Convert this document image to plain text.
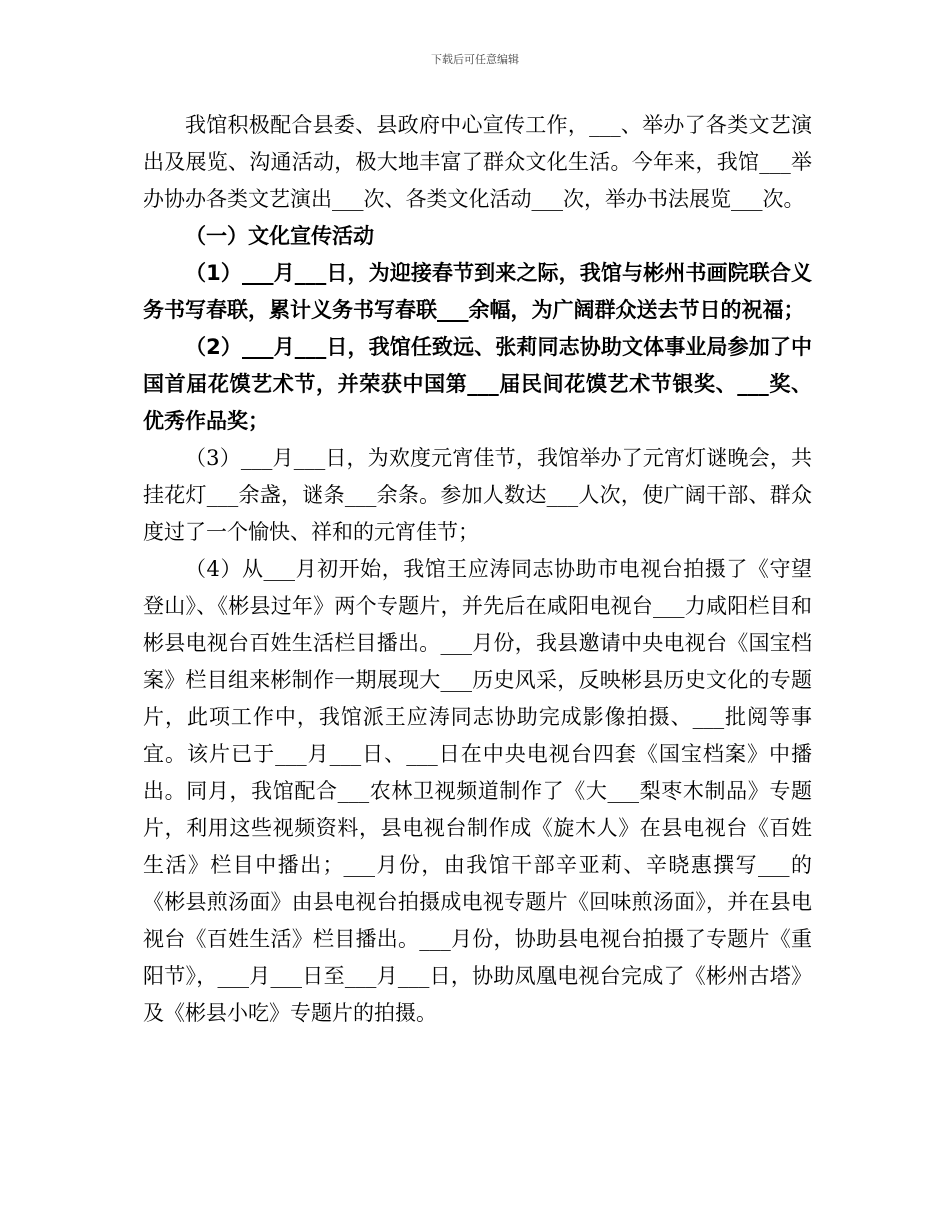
下载后可任意编辑

我馆积极配合县委、县政府中心宣传工作，___、举办了各类文艺演出及展览、沟通活动，极大地丰富了群众文化生活。今年来，我馆___举办协办各类文艺演出___次、各类文化活动___次，举办书法展览___次。

（一）文化宣传活动

（1）___月___日，为迎接春节到来之际，我馆与彬州书画院联合义务书写春联，累计义务书写春联___余幅，为广阔群众送去节日的祝福；

（2）___月___日，我馆任致远、张莉同志协助文体事业局参加了中国首届花馍艺术节，并荣获中国第___届民间花馍艺术节银奖、___奖、优秀作品奖；

（3）___月___日，为欢度元宵佳节，我馆举办了元宵灯谜晚会，共挂花灯___余盏，谜条___余条。参加人数达___人次，使广阔干部、群众度过了一个愉快、祥和的元宵佳节；

（4）从___月初开始，我馆王应涛同志协助市电视台拍摄了《守望登山》、《彬县过年》两个专题片，并先后在咸阳电视台___力咸阳栏目和彬县电视台百姓生活栏目播出。___月份，我县邀请中央电视台《国宝档案》栏目组来彬制作一期展现大___历史风采，反映彬县历史文化的专题片，此项工作中，我馆派王应涛同志协助完成影像拍摄、___批阅等事宜。该片已于___月___日、___日在中央电视台四套《国宝档案》中播出。同月，我馆配合___农林卫视频道制作了《大___梨枣木制品》专题片，利用这些视频资料，县电视台制作成《旋木人》在县电视台《百姓生活》栏目中播出；___月份，由我馆干部辛亚莉、辛晓惠撰写___的《彬县煎汤面》由县电视台拍摄成电视专题片《回味煎汤面》，并在县电视台《百姓生活》栏目播出。___月份，协助县电视台拍摄了专题片《重阳节》，___月___日至___月___日，协助凤凰电视台完成了《彬州古塔》及《彬县小吃》专题片的拍摄。
